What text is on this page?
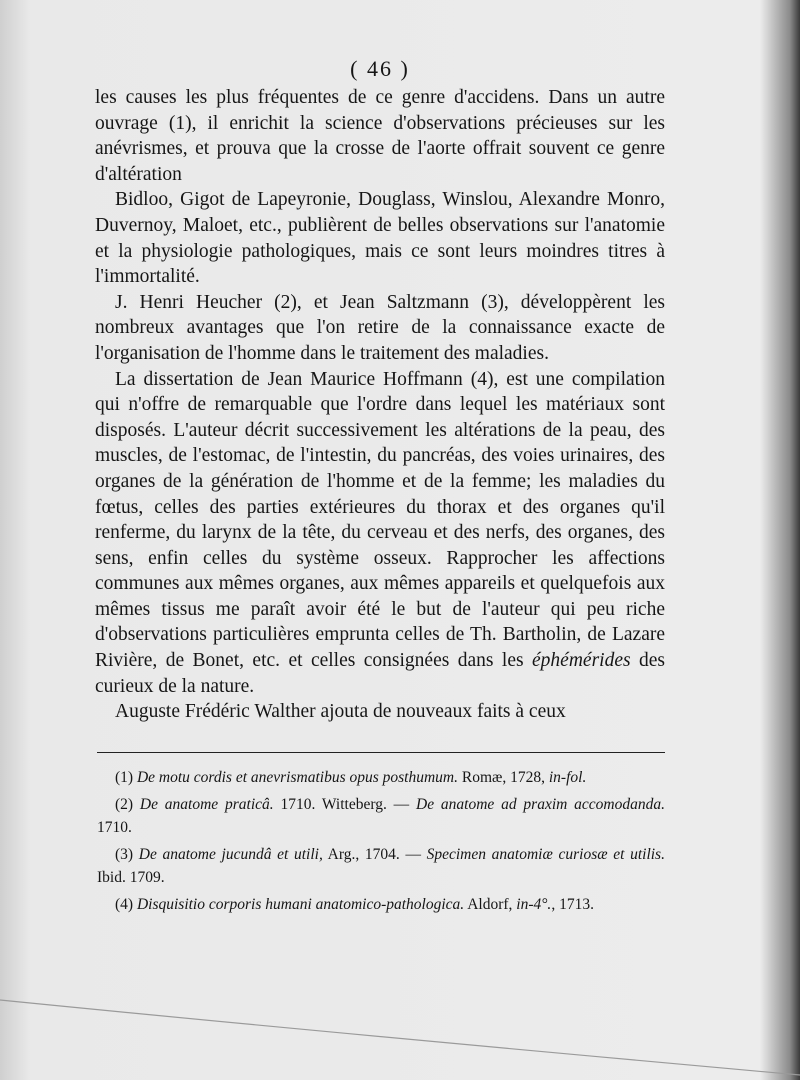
( 46 )

les causes les plus fréquentes de ce genre d'accidens. Dans un autre ouvrage (1), il enrichit la science d'observations précieuses sur les anévrismes, et prouva que la crosse de l'aorte offrait souvent ce genre d'altération

Bidloo, Gigot de Lapeyronie, Douglass, Winslou, Alexandre Monro, Duvernoy, Maloet, etc., publièrent de belles observations sur l'anatomie et la physiologie pathologiques, mais ce sont leurs moindres titres à l'immortalité.

J. Henri Heucher (2), et Jean Saltzmann (3), développèrent les nombreux avantages que l'on retire de la connaissance exacte de l'organisation de l'homme dans le traitement des maladies.

La dissertation de Jean Maurice Hoffmann (4), est une compilation qui n'offre de remarquable que l'ordre dans lequel les matériaux sont disposés. L'auteur décrit successivement les altérations de la peau, des muscles, de l'estomac, de l'intestin, du pancréas, des voies urinaires, des organes de la génération de l'homme et de la femme; les maladies du fœtus, celles des parties extérieures du thorax et des organes qu'il renferme, du larynx de la tête, du cerveau et des nerfs, des organes, des sens, enfin celles du système osseux. Rapprocher les affections communes aux mêmes organes, aux mêmes appareils et quelquefois aux mêmes tissus me paraît avoir été le but de l'auteur qui peu riche d'observations particulières emprunta celles de Th. Bartholin, de Lazare Rivière, de Bonet, etc. et celles consignées dans les éphémérides des curieux de la nature.

Auguste Frédéric Walther ajouta de nouveaux faits à ceux

(1) De motu cordis et anevrismatibus opus posthumum. Romæ, 1728, in-fol.

(2) De anatome praticâ. 1710. Witteberg. — De anatome ad praxim accomodanda. 1710.

(3) De anatome jucundâ et utili, Arg., 1704. — Specimen anatomiæ curiosæ et utilis. Ibid. 1709.

(4) Disquisitio corporis humani anatomico-pathologica. Aldorf, in-4°., 1713.
